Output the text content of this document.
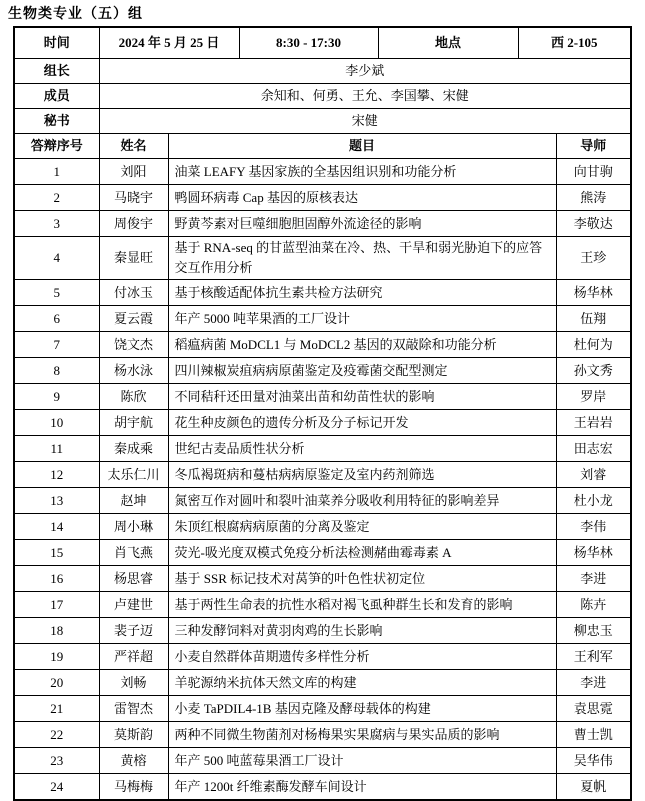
生物类专业（五）组
时间	2024 年 5 月 25 日		8:30 - 17:30	地点	西 2-105	
组长	李少斌					
成员	余知和、何勇、王允、李国攀、宋健					
秘书	宋健					
答辩序号	姓名	题目				导师
1	刘阳	油菜 LEAFY 基因家族的全基因组识别和功能分析				向甘驹
2	马晓宇	鸭圆环病毒 Cap 基因的原核表达				熊涛
3	周俊宇	野黄芩素对巨噬细胞胆固醇外流途径的影响				李敬达
4	秦显旺	基于 RNA-seq 的甘蓝型油菜在冷、热、干旱和弱光胁迫下的应答交互作用分析				王珍
5	付冰玉	基于核酸适配体抗生素共检方法研究				杨华林
6	夏云霞	年产 5000 吨苹果酒的工厂设计				伍翔
7	饶文杰	稻瘟病菌 MoDCL1 与 MoDCL2 基因的双敲除和功能分析				杜何为
8	杨水泳	四川辣椒炭疽病病原菌鉴定及疫霉菌交配型测定				孙文秀
9	陈欣	不同秸秆还田量对油菜出苗和幼苗性状的影响				罗岸
10	胡宇航	花生种皮颜色的遗传分析及分子标记开发				王岩岩
11	秦成乘	世纪古麦品质性状分析				田志宏
12	太乐仁川	冬瓜褐斑病和蔓枯病病原鉴定及室内药剂筛选				刘睿
13	赵坤	氮密互作对圆叶和裂叶油菜养分吸收利用特征的影响差异				杜小龙
14	周小琳	朱顶红根腐病病原菌的分离及鉴定				李伟
15	肖飞燕	荧光-吸光度双模式免疫分析法检测赭曲霉毒素 A				杨华林
16	杨思睿	基于 SSR 标记技术对莴笋的叶色性状初定位				李进
17	卢建世	基于两性生命表的抗性水稻对褐飞虱种群生长和发育的影响				陈卉
18	裴子迈	三种发酵饲料对黄羽肉鸡的生长影响				柳忠玉
19	严祥超	小麦自然群体苗期遗传多样性分析				王利军
20	刘畅	羊驼源纳米抗体天然文库的构建				李进
21	雷智杰	小麦 TaPDIL4-1B 基因克隆及酵母载体的构建				袁思霓
22	莫斯韵	两种不同微生物菌剂对杨梅果实果腐病与果实品质的影响				曹士凯
23	黄榕	年产 500 吨蓝莓果酒工厂设计				吴华伟
24	马梅梅	年产 1200t 纤维素酶发酵车间设计				夏帆
